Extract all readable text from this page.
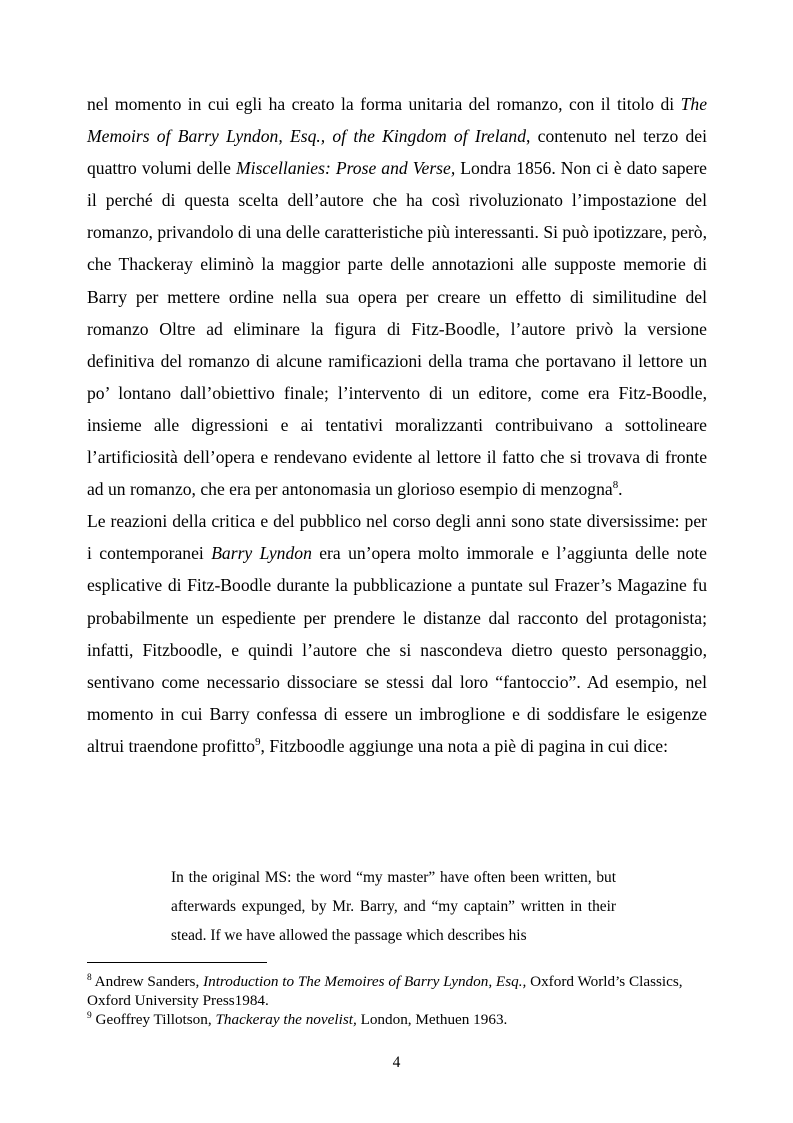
nel momento in cui egli ha creato la forma unitaria del romanzo, con il titolo di The Memoirs of Barry Lyndon, Esq., of the Kingdom of Ireland, contenuto nel terzo dei quattro volumi delle Miscellanies: Prose and Verse, Londra 1856. Non ci è dato sapere il perché di questa scelta dell’autore che ha così rivoluzionato l’impostazione del romanzo, privandolo di una delle caratteristiche più interessanti. Si può ipotizzare, però, che Thackeray eliminò la maggior parte delle annotazioni alle supposte memorie di Barry per mettere ordine nella sua opera per creare un effetto di similitudine del romanzo Oltre ad eliminare la figura di Fitz-Boodle, l’autore privò la versione definitiva del romanzo di alcune ramificazioni della trama che portavano il lettore un po’ lontano dall’obiettivo finale; l’intervento di un editore, come era Fitz-Boodle, insieme alle digressioni e ai tentativi moralizzanti contribuivano a sottolineare l’artificiosità dell’opera e rendevano evidente al lettore il fatto che si trovava di fronte ad un romanzo, che era per antonomasia un glorioso esempio di menzogna$^8$.

Le reazioni della critica e del pubblico nel corso degli anni sono state diversissime: per i contemporanei Barry Lyndon era un’opera molto immorale e l’aggiunta delle note esplicative di Fitz-Boodle durante la pubblicazione a puntate sul Frazer’s Magazine fu probabilmente un espediente per prendere le distanze dal racconto del protagonista; infatti, Fitzboodle, e quindi l’autore che si nascondeva dietro questo personaggio, sentivano come necessario dissociare se stessi dal loro “fantoccio”. Ad esempio, nel momento in cui Barry confessa di essere un imbroglione e di soddisfare le esigenze altrui traendone profitto$^9$, Fitzboodle aggiunge una nota a piè di pagina in cui dice:

In the original MS: the word “my master” have often been written, but afterwards expunged, by Mr. Barry, and “my captain” written in their stead. If we have allowed the passage which describes his

$^8$ Andrew Sanders, Introduction to The Memoires of Barry Lyndon, Esq., Oxford World’s Classics, Oxford University Press1984.

$^9$ Geoffrey Tillotson, Thackeray the novelist, London, Methuen 1963.

4
